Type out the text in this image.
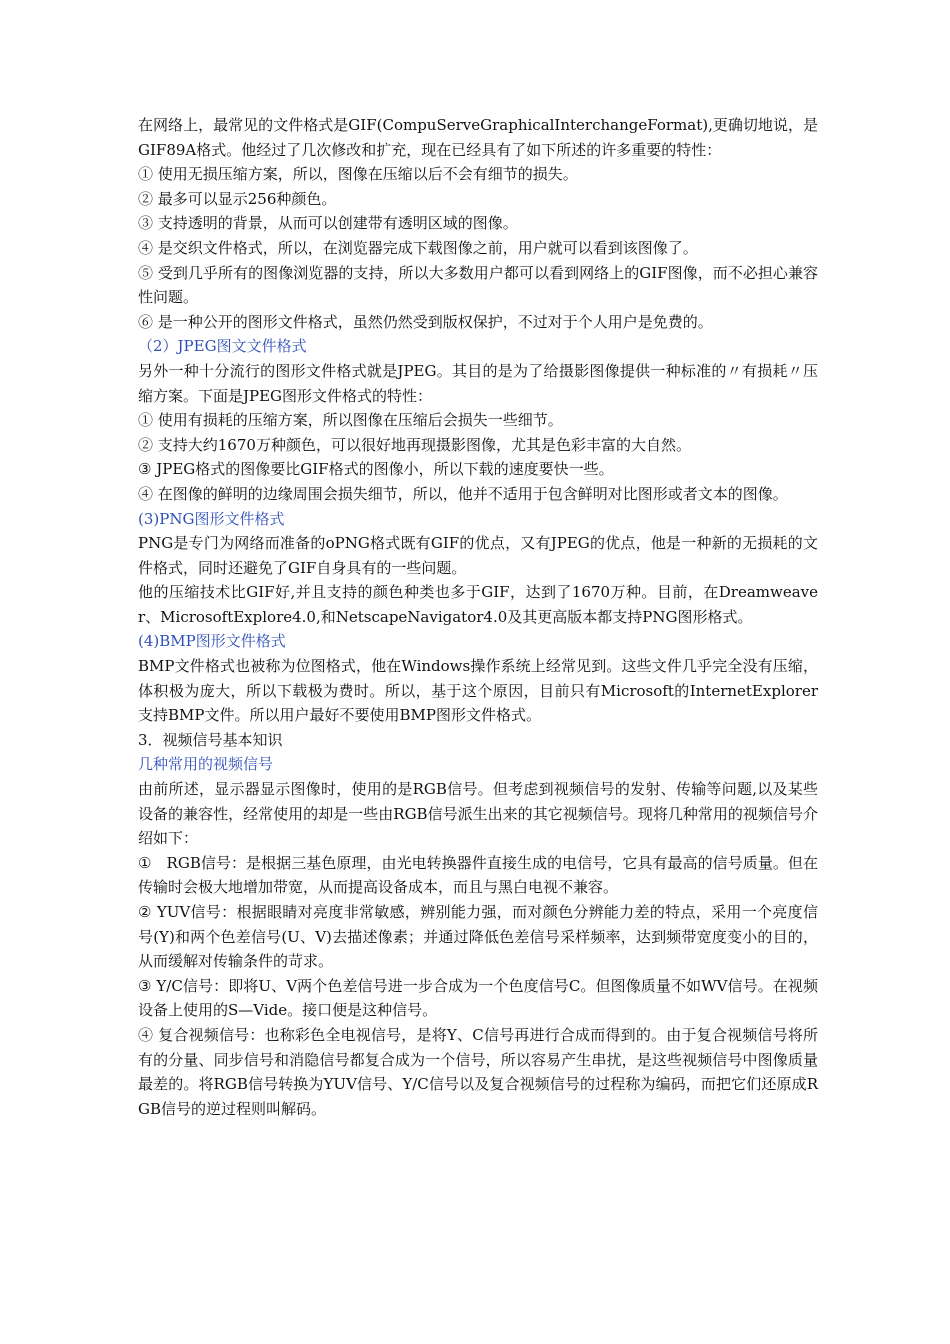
在网络上，最常见的文件格式是GIF(CompuServeGraphicalInterchangeFormat),更确切地说，是GIF89A格式。他经过了几次修改和扩充，现在已经具有了如下所述的许多重要的特性：

① 使用无损压缩方案，所以，图像在压缩以后不会有细节的损失。

② 最多可以显示256种颜色。

③ 支持透明的背景，从而可以创建带有透明区域的图像。

④ 是交织文件格式，所以，在浏览器完成下载图像之前，用户就可以看到该图像了。

⑤ 受到几乎所有的图像浏览器的支持，所以大多数用户都可以看到网络上的GIF图像，而不必担心兼容性问题。

⑥ 是一种公开的图形文件格式，虽然仍然受到版权保护，不过对于个人用户是免费的。

（2）JPEG图文文件格式

另外一种十分流行的图形文件格式就是JPEG。其目的是为了给摄影图像提供一种标准的〃有损耗〃压缩方案。下面是JPEG图形文件格式的特性：

① 使用有损耗的压缩方案，所以图像在压缩后会损失一些细节。

② 支持大约1670万种颜色，可以很好地再现摄影图像，尤其是色彩丰富的大自然。

③ JPEG格式的图像要比GIF格式的图像小，所以下载的速度要快一些。

④ 在图像的鲜明的边缘周围会损失细节，所以，他并不适用于包含鲜明对比图形或者文本的图像。

(3)PNG图形文件格式

PNG是专门为网络而准备的oPNG格式既有GIF的优点，又有JPEG的优点，他是一种新的无损耗的文件格式，同时还避免了GIF自身具有的一些问题。

他的压缩技术比GIF好,并且支持的颜色种类也多于GIF，达到了1670万种。目前，在Dreamweaver、MicrosoftExplore4.0,和NetscapeNavigator4.0及其更高版本都支持PNG图形格式。

(4)BMP图形文件格式

BMP文件格式也被称为位图格式，他在Windows操作系统上经常见到。这些文件几乎完全没有压缩，体积极为庞大，所以下载极为费时。所以，基于这个原因，目前只有Microsoft的InternetExplorer支持BMP文件。所以用户最好不要使用BMP图形文件格式。

3．视频信号基本知识

几种常用的视频信号

由前所述，显示器显示图像时，使用的是RGB信号。但考虑到视频信号的发射、传输等问题,以及某些设备的兼容性，经常使用的却是一些由RGB信号派生出来的其它视频信号。现将几种常用的视频信号介绍如下：

①　RGB信号：是根据三基色原理，由光电转换器件直接生成的电信号，它具有最高的信号质量。但在传输时会极大地增加带宽，从而提高设备成本，而且与黑白电视不兼容。

② YUV信号：根据眼睛对亮度非常敏感，辨别能力强，而对颜色分辨能力差的特点，采用一个亮度信号(Y)和两个色差信号(U、V)去描述像素；并通过降低色差信号采样频率，达到频带宽度变小的目的，从而缓解对传输条件的苛求。

③ Y/C信号：即将U、V两个色差信号进一步合成为一个色度信号C。但图像质量不如WV信号。在视频设备上使用的S—Vide。接口便是这种信号。

④ 复合视频信号：也称彩色全电视信号，是将Y、C信号再进行合成而得到的。由于复合视频信号将所有的分量、同步信号和消隐信号都复合成为一个信号，所以容易产生串扰，是这些视频信号中图像质量最差的。将RGB信号转换为YUV信号、Y/C信号以及复合视频信号的过程称为编码，而把它们还原成RGB信号的逆过程则叫解码。
